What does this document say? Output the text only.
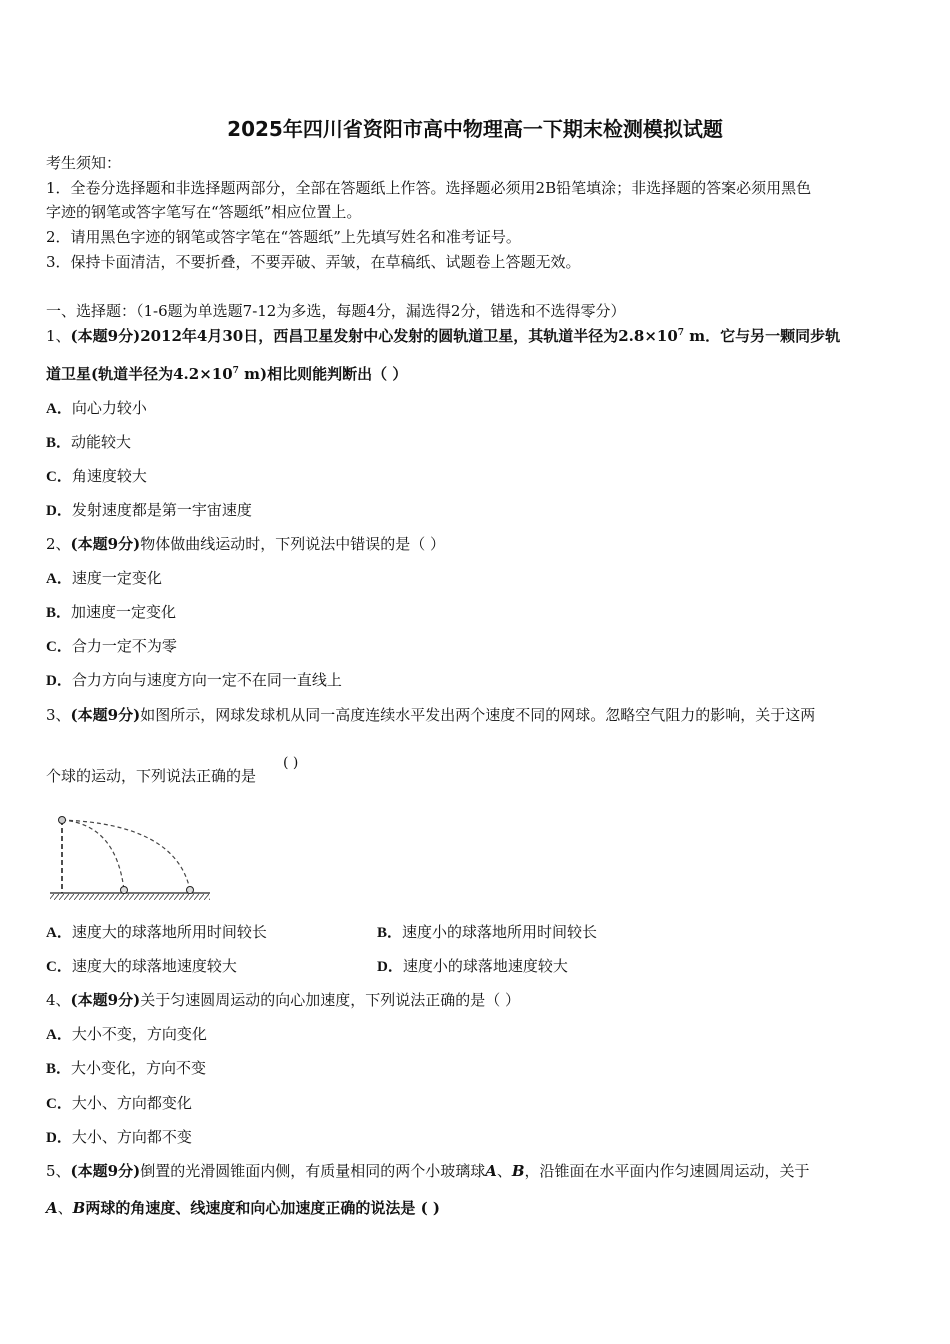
2025年四川省资阳市高中物理高一下期末检测模拟试题
考生须知：
1．全卷分选择题和非选择题两部分，全部在答题纸上作答。选择题必须用2B铅笔填涂；非选择题的答案必须用黑色
字迹的钢笔或答字笔写在“答题纸”相应位置上。
2．请用黑色字迹的钢笔或答字笔在“答题纸”上先填写姓名和准考证号。
3．保持卡面清洁，不要折叠，不要弄破、弄皱，在草稿纸、试题卷上答题无效。
一、选择题：（1-6题为单选题7-12为多选，每题4分，漏选得2分，错选和不选得零分）
1、(本题9分)2012年4月30日，西昌卫星发射中心发射的圆轨道卫星，其轨道半径为$2.8\times 10^7$ m．它与另一颗同步轨
道卫星(轨道半径为$4.2\times 10^7$ m)相比则能判断出（ ）
A．向心力较小
B．动能较大
C．角速度较大
D．发射速度都是第一宇宙速度
2、(本题9分)物体做曲线运动时，下列说法中错误的是（ ）
A．速度一定变化
B．加速度一定变化
C．合力一定不为零
D．合力方向与速度方向一定不在同一直线上
3、(本题9分)如图所示，网球发球机从同一高度连续水平发出两个速度不同的网球。忽略空气阻力的影响，关于这两
个球的运动，下列说法正确的是
( )
A．速度大的球落地所用时间较长	B．速度小的球落地所用时间较长
C．速度大的球落地速度较大	D．速度小的球落地速度较大
4、(本题9分)关于匀速圆周运动的向心加速度，下列说法正确的是（ ）
A．大小不变，方向变化
B．大小变化，方向不变
C．大小、方向都变化
D．大小、方向都不变
5、(本题9分)倒置的光滑圆锥面内侧，有质量相同的两个小玻璃球A、B，沿锥面在水平面内作匀速圆周运动，关于
A、B两球的角速度、线速度和向心加速度正确的说法是 ( )
